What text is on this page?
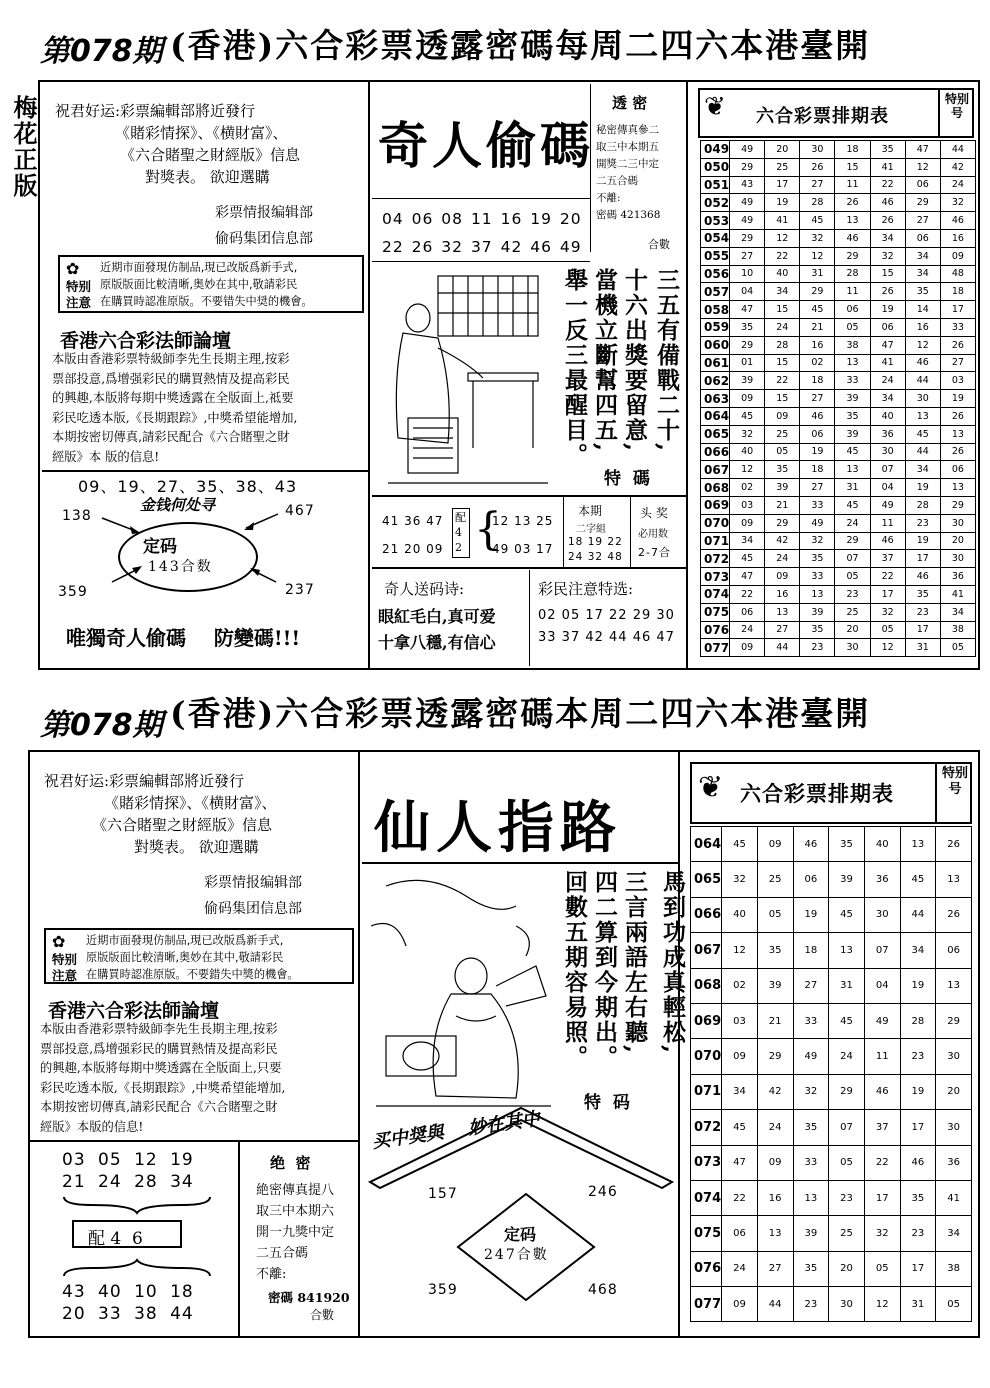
第078期 (香港)六合彩票透露密碼每周二四六本港臺開
梅花正版 祝君好运:彩票編輯部將近發行
《賭彩情探》、《横財富》、
《六合賭聖之財經版》信息
對獎表。 欲迎選購
彩票情报编辑部
偷码集团信息部
✿
特别
注意
近期市面發現仿制品,現已改版爲新手式,
原版版面比較清晰,奥妙在其中,敬請彩民
在購買時認准原版。不要错失中奨的機會。
香港六合彩法師論壇
本版由香港彩票特級師李先生長期主理,按彩
票部投意,爲增强彩民的購買熱情及提高彩民
的興趣,本版將每期中獎透露在全版面上,祗要
彩民吃透本版,《長期跟踪》,中獎希望能增加,
本期按密切傳真,請彩民配合《六合賭聖之財
經版》本 版的信息!
09、19、27、35、38、43
金钱何处寻
138	467
359	237
定码
143合数
唯獨奇人偷碼    防變碼!!!
奇人偷碼
透 密
秘密傳真參二
取三中本期五
開獎二三中定
二五合碼
不離:
密碼 421368
合數
04 06 08 11 16 19 20
22 26 32 37 42 46 49
三五有備戰二十,
十六出獎要留意,
當機立斷幫四五,
舉一反三最醒目。
特  碼
41 36 47
21 20 09
配4 2 {
12 13 25
49 03 17
本期
二字組
18 19 22
24 32 48
头 奖
必用数
2-7合
奇人送码诗:
眼紅毛白,真可爱
十拿八穩,有信心
彩民注意特选:
02 05 17 22 29 30
33 37 42 44 46 47
❦ 六合彩票排期表
特别号
049	49	20	30	18	35	47	44
050	29	25	26	15	41	12	42
051	43	17	27	11	22	06	24
052	49	19	28	26	46	29	32
053	49	41	45	13	26	27	46
054	29	12	32	46	34	06	16
055	27	22	12	29	32	34	09
056	10	40	31	28	15	34	48
057	04	34	29	11	26	35	18
058	47	15	45	06	19	14	17
059	35	24	21	05	06	16	33
060	29	28	16	38	47	12	26
061	01	15	02	13	41	46	27
062	39	22	18	33	24	44	03
063	09	15	27	39	34	30	19
064	45	09	46	35	40	13	26
065	32	25	06	39	36	45	13
066	40	05	19	45	30	44	26
067	12	35	18	13	07	34	06
068	02	39	27	31	04	19	13
069	03	21	33	45	49	28	29
070	09	29	49	24	11	23	30
071	34	42	32	29	46	19	20
072	45	24	35	07	37	17	30
073	47	09	33	05	22	46	36
074	22	16	13	23	17	35	41
075	06	13	39	25	32	23	34
076	24	27	35	20	05	17	38
077	09	44	23	30	12	31	05
第078期 (香港)六合彩票透露密碼本周二四六本港臺開
祝君好运:彩票編輯部將近發行
《賭彩情探》、《横財富》、
《六合賭聖之財經版》信息
對獎表。 欲迎選購
彩票情报编辑部
偷码集团信息部
✿
特别
注意
近期市面發現仿制品,現已改版爲新手式,
原版版面比較清晰,奥妙在其中,敬請彩民
在購買時認准原版。不要錯失中獎的機會。
香港六合彩法師論壇
本版由香港彩票特級師李先生長期主理,按彩
票部投意,爲增强彩民的購買熱情及提高彩民
的興趣,本版將每期中獎透露在全版面上,只要
彩民吃透本版,《長期跟踪》,中獎希望能增加,
本期按密切傳真,請彩民配合《六合賭聖之財
經版》本版的信息!
03 05 12 19
21 24 28 34
配 4  6
43 40 10 18
20 33 38 44
绝  密
絶密傳真提八
取三中本期六
開一九獎中定
二五合碼
不離:
密碼 841920
合數
仙人指路
馬到功成真輕松,
三言兩語左右聽,
四二算到今期出。
回數五期容易照。
特  码
买中奨與    妙在其中
157	246
359	468
定码
247合數
❦ 六合彩票排期表
特别号
064	45	09	46	35	40	13	26
065	32	25	06	39	36	45	13
066	40	05	19	45	30	44	26
067	12	35	18	13	07	34	06
068	02	39	27	31	04	19	13
069	03	21	33	45	49	28	29
070	09	29	49	24	11	23	30
071	34	42	32	29	46	19	20
072	45	24	35	07	37	17	30
073	47	09	33	05	22	46	36
074	22	16	13	23	17	35	41
075	06	13	39	25	32	23	34
076	24	27	35	20	05	17	38
077	09	44	23	30	12	31	05
